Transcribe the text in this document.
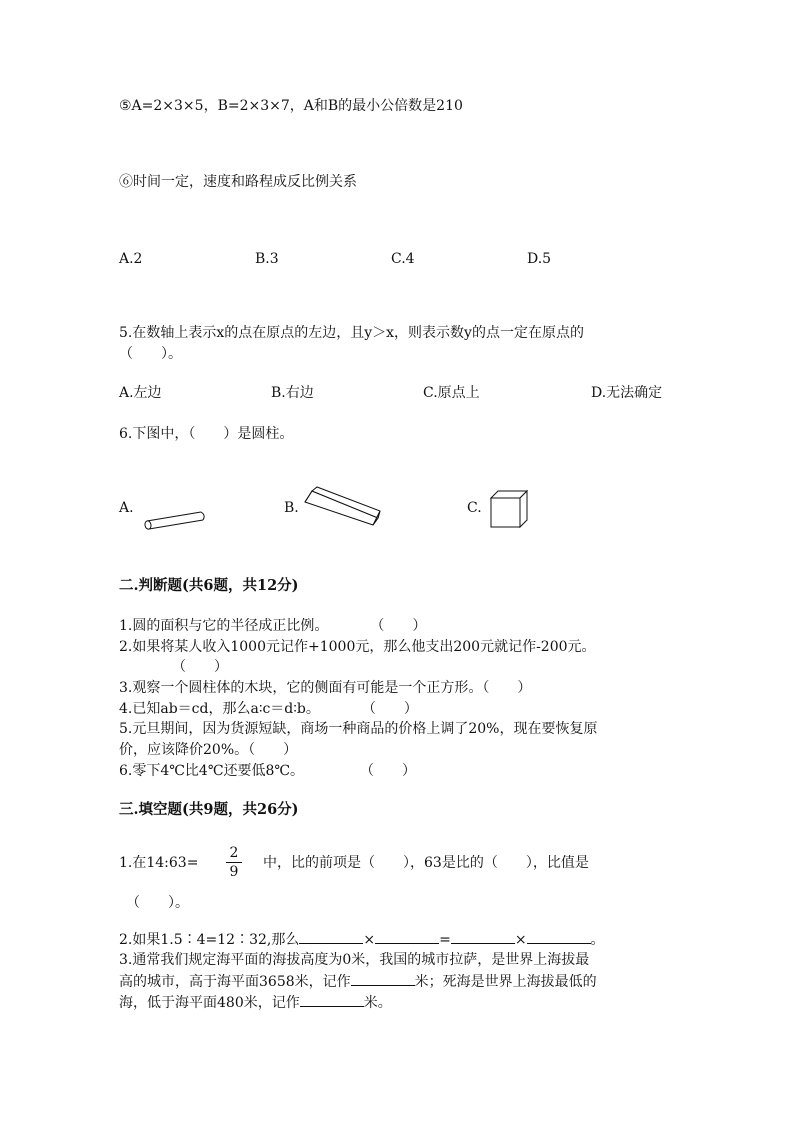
⑤A=2×3×5，B=2×3×7，A和B的最小公倍数是210
⑥时间一定，速度和路程成反比例关系
A.2	B.3	C.4	D.5
5.在数轴上表示x的点在原点的左边，且y＞x，则表示数y的点一定在原点的
（　　）。
A.左边	B.右边	C.原点上	D.无法确定
6.下图中，（　　）是圆柱。
A.	B.	C.
二.判断题(共6题，共12分)
1.圆的面积与它的半径成正比例。　　　　（　　）
2.如果将某人收入1000元记作+1000元，那么他支出200元就记作-200元。
（　　）
3.观察一个圆柱体的木块，它的侧面有可能是一个正方形。（　　）
4.已知ab＝cd，那么a∶c＝d∶b。　　　　（　　）
5.元旦期间，因为货源短缺，商场一种商品的价格上调了20%，现在要恢复原
价，应该降价20%。（　　）
6.零下4℃比4℃还要低8℃。　　　　　（　　）
三.填空题(共9题，共26分)
1.在14:63=
2
9
中，比的前项是（　　），63是比的（　　），比值是
（　　）。
2.如果1.5∶4=12∶32,那么	×	=	×	。
3.通常我们规定海平面的海拔高度为0米，我国的城市拉萨，是世界上海拔最
高的城市，高于海平面3658米，记作	米；死海是世界上海拔最低的
海，低于海平面480米，记作	米。
